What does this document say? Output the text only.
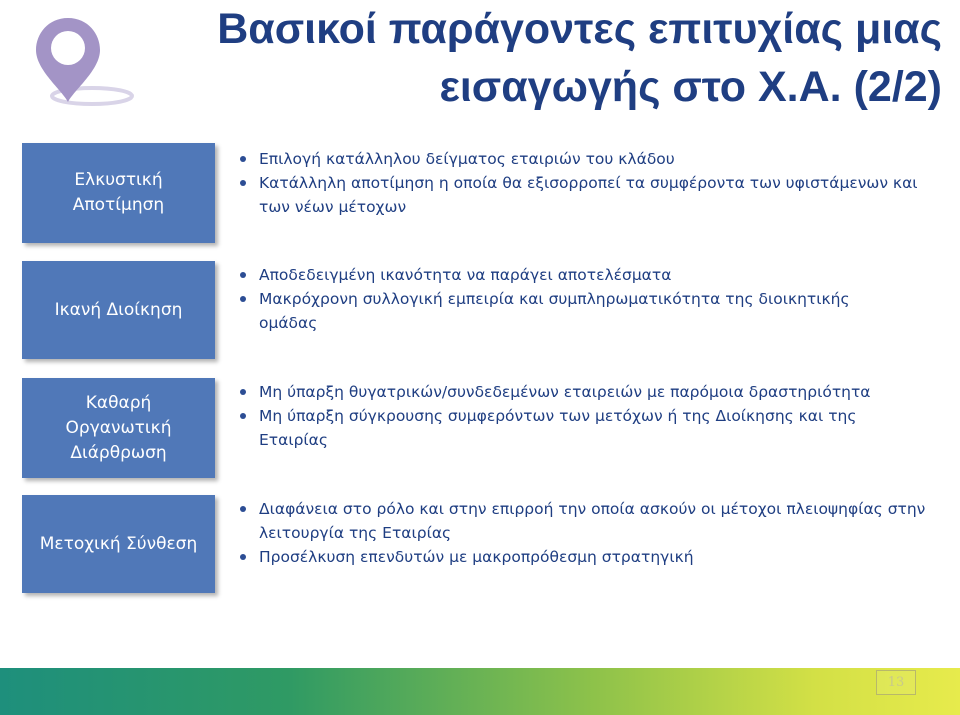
Βασικοί παράγοντες επιτυχίας μιας
εισαγωγής στο Χ.Α. (2/2)
Ελκυστική Αποτίμηση
Επιλογή κατάλληλου δείγματος εταιριών του κλάδου
Κατάλληλη αποτίμηση η οποία θα εξισορροπεί τα συμφέροντα των υφιστάμενων και των νέων μέτοχων
Ικανή Διοίκηση
Αποδεδειγμένη ικανότητα να παράγει αποτελέσματα
Μακρόχρονη συλλογική εμπειρία και συμπληρωματικότητα της διοικητικής ομάδας
Καθαρή Οργανωτική Διάρθρωση
Μη ύπαρξη θυγατρικών/συνδεδεμένων εταιρειών με παρόμοια δραστηριότητα
Μη ύπαρξη σύγκρουσης συμφερόντων των μετόχων ή της Διοίκησης και της Εταιρίας
Μετοχική Σύνθεση
Διαφάνεια στο ρόλο και στην επιρροή την οποία ασκούν οι μέτοχοι πλειοψηφίας στην λειτουργία της Εταιρίας
Προσέλκυση επενδυτών με μακροπρόθεσμη στρατηγική
13
